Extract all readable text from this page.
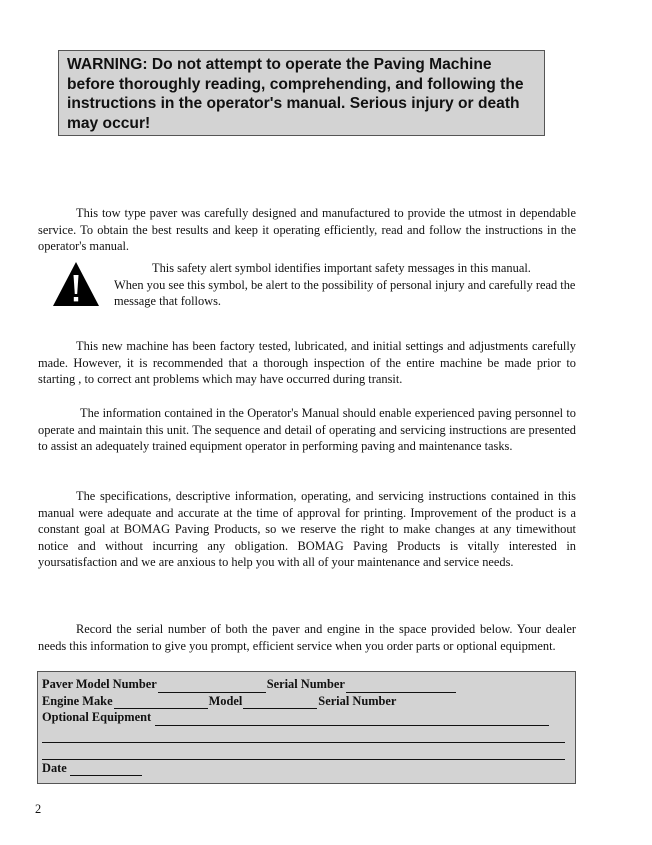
WARNING: Do not attempt to operate the Paving Machine before thoroughly reading, comprehending, and following the instructions in the operator's manual. Serious injury or death may occur!

This tow type paver was carefully designed and manufactured to provide the utmost in dependable service. To obtain the best results and keep it operating efficiently, read and follow the instructions in the operator's manual.

This safety alert symbol identifies important safety messages in this manual.
When you see this symbol, be alert to the possibility of personal injury and carefully read the message that follows.

This new machine has been factory tested, lubricated, and initial settings and adjustments carefully made. However, it is recommended that a thorough inspection of the entire machine be made prior to starting , to correct ant problems which may have occurred during transit.

The information contained in the Operator's Manual should enable experienced paving personnel to operate and maintain this unit. The sequence and detail of operating and servicing instructions are presented to assist an adequately trained equipment operator in performing paving and maintenance tasks.

The specifications, descriptive information, operating, and servicing instructions contained in this manual were adequate and accurate at the time of approval for printing. Improvement of the product is a constant goal at BOMAG Paving Products, so we reserve the right to make changes at any timewithout notice and without incurring any obligation. BOMAG Paving Products is vitally interested in yoursatisfaction and we are anxious to help you with all of your maintenance and service needs.

Record the serial number of both the paver and engine in the space provided below. Your dealer needs this information to give you prompt, efficient service when you order parts or optional equipment.

Paver Model Number	Serial Number
Engine Make	Model	Serial Number
Optional Equipment
Date
2
